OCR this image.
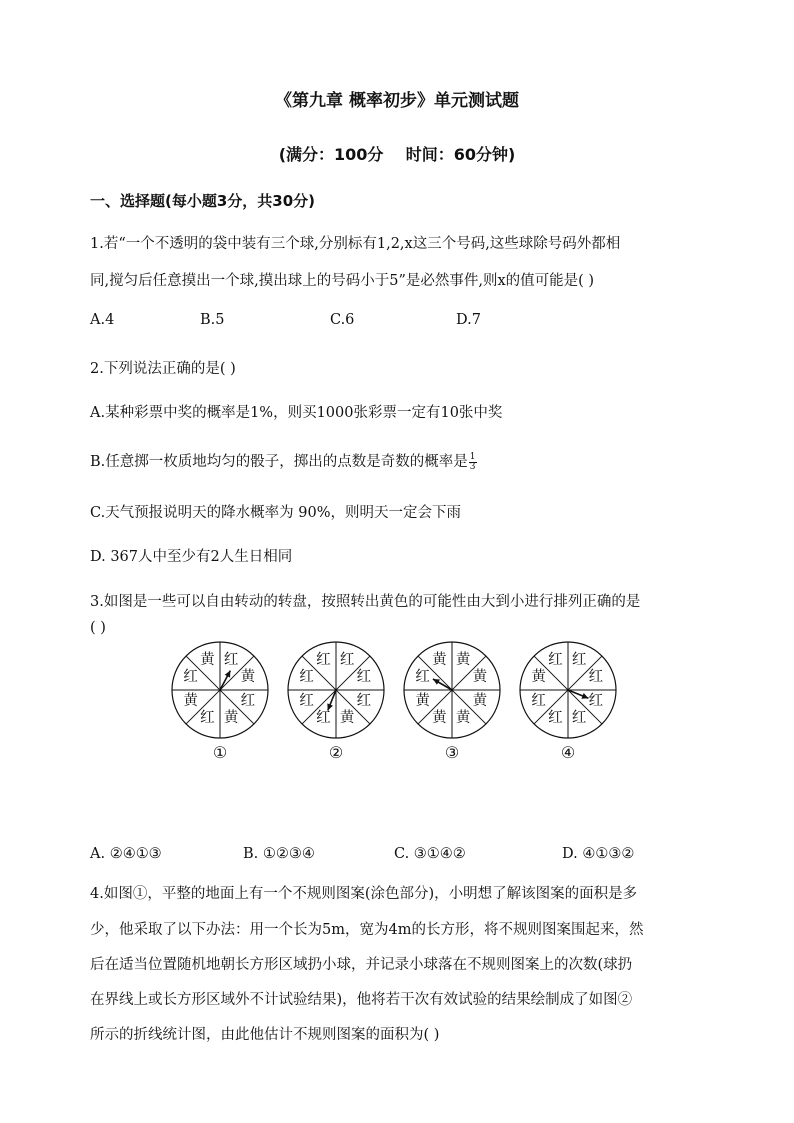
《第九章 概率初步》单元测试题
(满分：100分    时间：60分钟)
一、选择题(每小题3分，共30分)
1.若“一个不透明的袋中装有三个球,分别标有1,2,x这三个号码,这些球除号码外都相
同,搅匀后任意摸出一个球,摸出球上的号码小于5”是必然事件,则x的值可能是( )
A.4	B.5	C.6	D.7
2.下列说法正确的是( )
A.某种彩票中奖的概率是1%，则买1000张彩票一定有10张中奖
B.任意掷一枚质地均匀的骰子，掷出的点数是奇数的概率是 $\frac{1}{3}$
C.天气预报说明天的降水概率为 90%，则明天一定会下雨
D. 367人中至少有2人生日相同
3.如图是一些可以自由转动的转盘，按照转出黄色的可能性由大到小进行排列正确的是
( )
黄 红
黄
红
黄
红
黄
红
①
红 红
红
红
黄
红
红
红
②
黄 黄
黄
黄
黄
黄
黄
红
③
红 红
红
红
红
红
红
黄
④
A. ②④①③	B. ①②③④	C. ③①④②	D. ④①③②
4.如图①，平整的地面上有一个不规则图案(涂色部分)，小明想了解该图案的面积是多
少，他采取了以下办法：用一个长为5m，宽为4m的长方形，将不规则图案围起来，然
后在适当位置随机地朝长方形区域扔小球，并记录小球落在不规则图案上的次数(球扔
在界线上或长方形区域外不计试验结果)，他将若干次有效试验的结果绘制成了如图②
所示的折线统计图，由此他估计不规则图案的面积为( )
